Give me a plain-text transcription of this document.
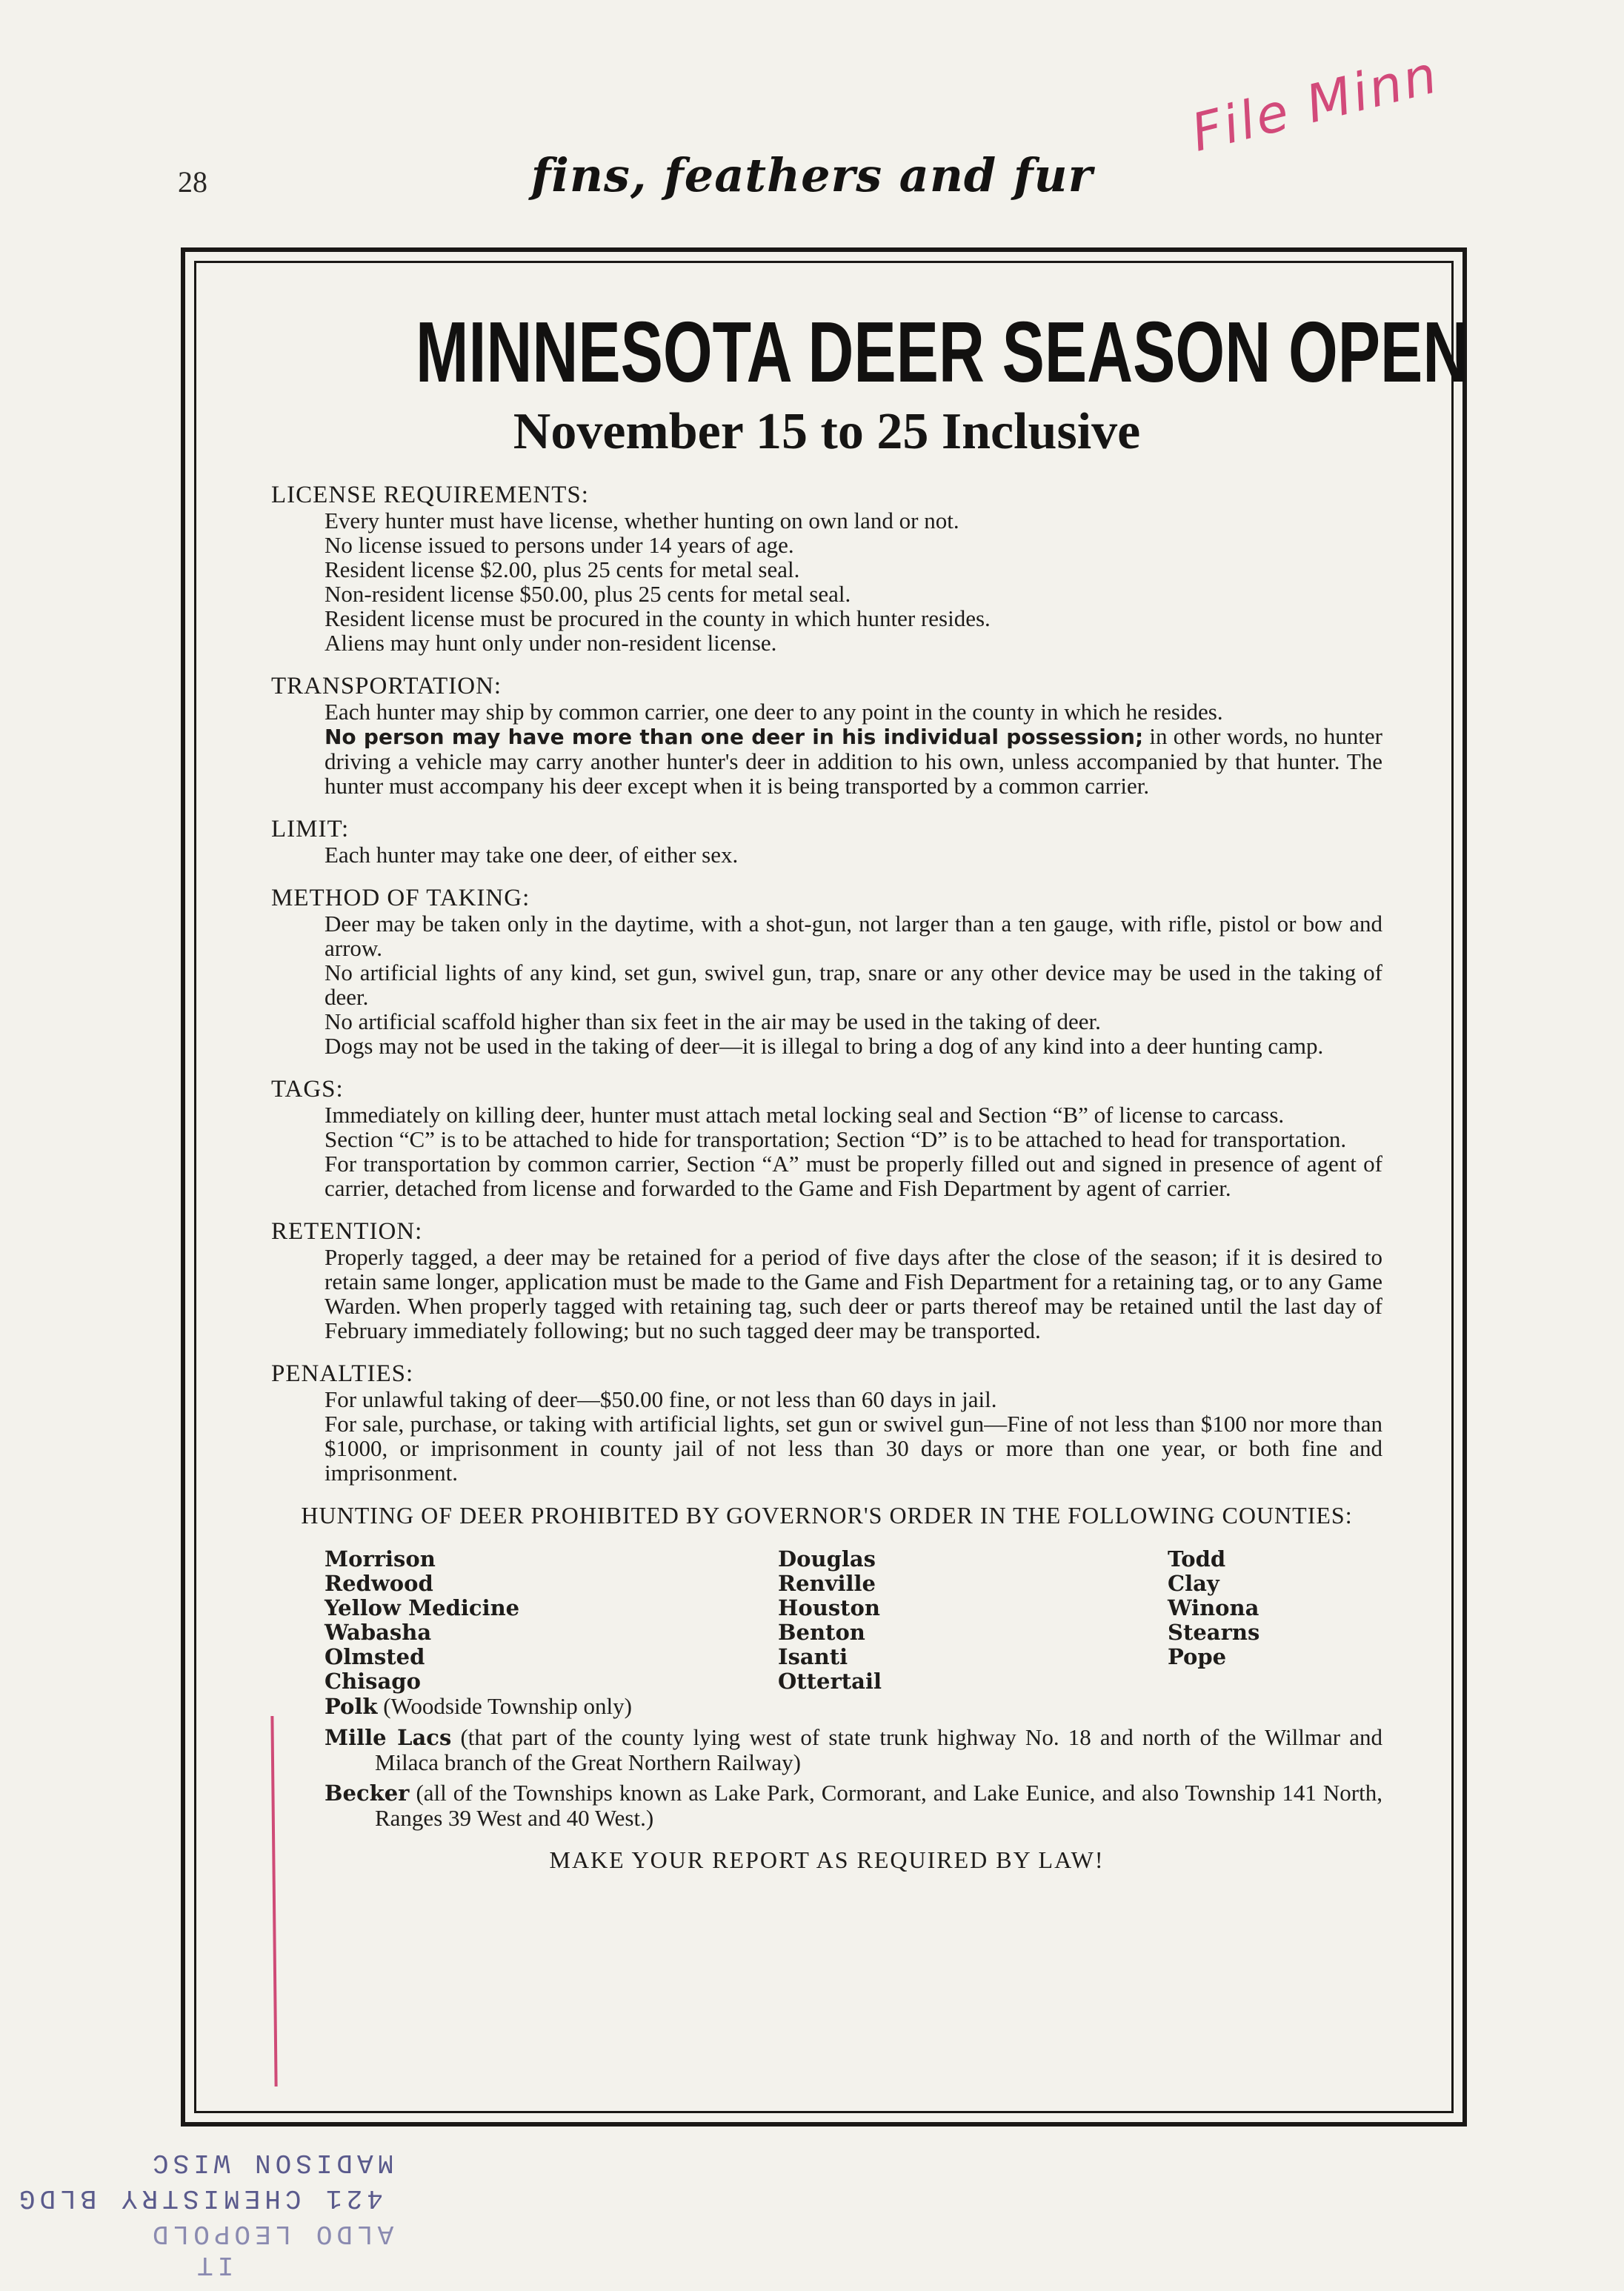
28	fins, feathers and fur
File Minn
MINNESOTA DEER SEASON OPEN
November 15 to 25 Inclusive
LICENSE REQUIREMENTS:

Every hunter must have license, whether hunting on own land or not.

No license issued to persons under 14 years of age.

Resident license $2.00, plus 25 cents for metal seal.

Non-resident license $50.00, plus 25 cents for metal seal.

Resident license must be procured in the county in which hunter resides.

Aliens may hunt only under non-resident license.

TRANSPORTATION:

Each hunter may ship by common carrier, one deer to any point in the county in which he resides.

No person may have more than one deer in his individual possession; in other words, no hunter driving a vehicle may carry another hunter's deer in addition to his own, unless accompanied by that hunter. The hunter must accompany his deer except when it is being transported by a common carrier.

LIMIT:

Each hunter may take one deer, of either sex.

METHOD OF TAKING:

Deer may be taken only in the daytime, with a shot-gun, not larger than a ten gauge, with rifle, pistol or bow and arrow.

No artificial lights of any kind, set gun, swivel gun, trap, snare or any other device may be used in the taking of deer.

No artificial scaffold higher than six feet in the air may be used in the taking of deer.

Dogs may not be used in the taking of deer—it is illegal to bring a dog of any kind into a deer hunting camp.

TAGS:

Immediately on killing deer, hunter must attach metal locking seal and Section “B” of license to carcass.

Section “C” is to be attached to hide for transportation; Section “D” is to be attached to head for transportation.

For transportation by common carrier, Section “A” must be properly filled out and signed in presence of agent of carrier, detached from license and forwarded to the Game and Fish Department by agent of carrier.

RETENTION:

Properly tagged, a deer may be retained for a period of five days after the close of the season; if it is desired to retain same longer, application must be made to the Game and Fish Department for a retaining tag, or to any Game Warden. When properly tagged with retaining tag, such deer or parts thereof may be retained until the last day of February immediately following; but no such tagged deer may be transported.

PENALTIES:

For unlawful taking of deer—$50.00 fine, or not less than 60 days in jail.

For sale, purchase, or taking with artificial lights, set gun or swivel gun—Fine of not less than $100 nor more than $1000, or imprisonment in county jail of not less than 30 days or more than one year, or both fine and imprisonment.

HUNTING OF DEER PROHIBITED BY GOVERNOR'S ORDER IN THE FOLLOWING COUNTIES:
Morrison
Redwood
Yellow Medicine
Wabasha
Olmsted
Chisago
Douglas
Renville
Houston
Benton
Isanti
Ottertail
Todd
Clay
Winona
Stearns
Pope
Polk (Woodside Township only)
Mille Lacs (that part of the county lying west of state trunk highway No. 18 and north of the Willmar and Milaca branch of the Great Northern Railway)
Becker (all of the Townships known as Lake Park, Cormorant, and Lake Eunice, and also Township 141 North, Ranges 39 West and 40 West.)
MAKE YOUR REPORT AS REQUIRED BY LAW!
MADISON WISC
421 CHEMISTRY BLDG
ALDO LEOPOLD
IT
